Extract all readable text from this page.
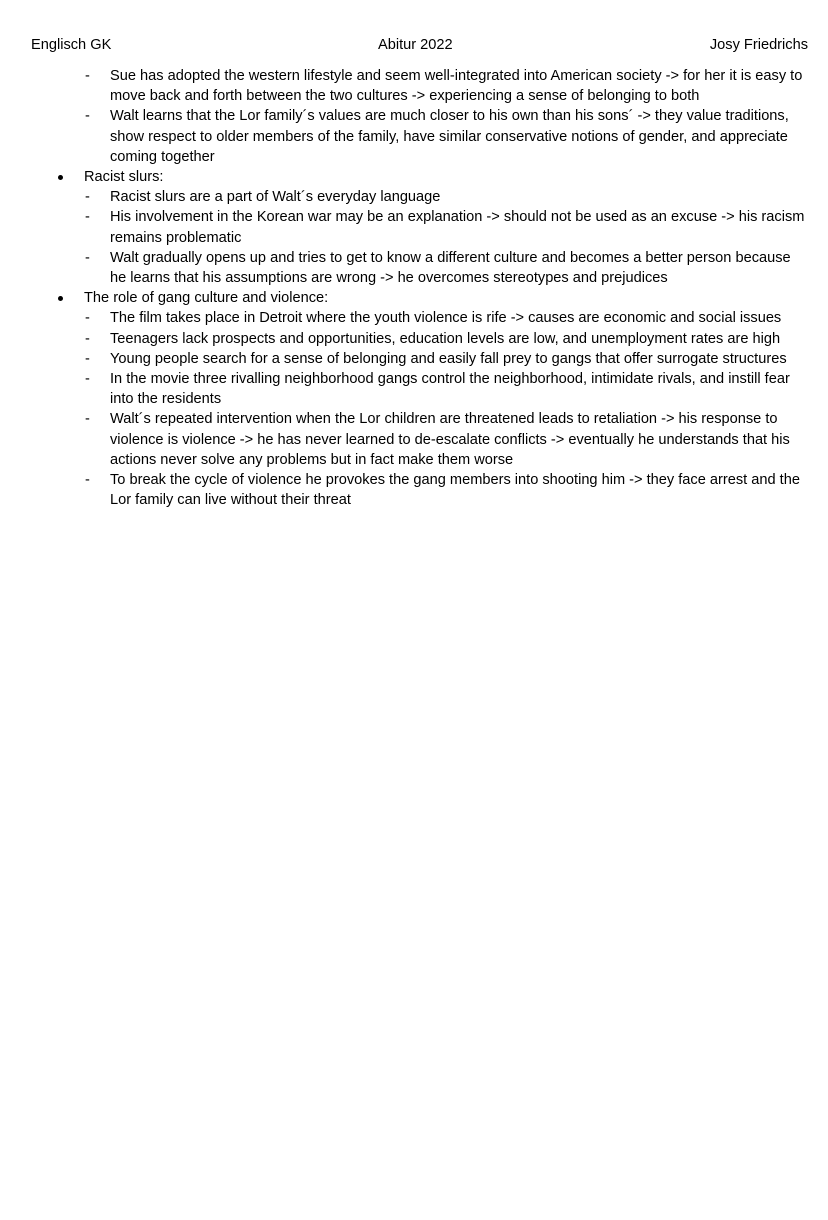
Englisch GK	Abitur 2022	Josy Friedrichs
- Sue has adopted the western lifestyle and seem well-integrated into American society -> for her it is easy to move back and forth between the two cultures -> experiencing a sense of belonging to both
- Walt learns that the Lor family´s values are much closer to his own than his sons´ -> they value traditions, show respect to older members of the family, have similar conservative notions of gender, and appreciate coming together
Racist slurs:
- Racist slurs are a part of Walt´s everyday language
- His involvement in the Korean war may be an explanation -> should not be used as an excuse -> his racism remains problematic
- Walt gradually opens up and tries to get to know a different culture and becomes a better person because he learns that his assumptions are wrong -> he overcomes stereotypes and prejudices
The role of gang culture and violence:
- The film takes place in Detroit where the youth violence is rife -> causes are economic and social issues
- Teenagers lack prospects and opportunities, education levels are low, and unemployment rates are high
- Young people search for a sense of belonging and easily fall prey to gangs that offer surrogate structures
- In the movie three rivalling neighborhood gangs control the neighborhood, intimidate rivals, and instill fear into the residents
- Walt´s repeated intervention when the Lor children are threatened leads to retaliation -> his response to violence is violence -> he has never learned to de-escalate conflicts -> eventually he understands that his actions never solve any problems but in fact make them worse
- To break the cycle of violence he provokes the gang members into shooting him -> they face arrest and the Lor family can live without their threat
